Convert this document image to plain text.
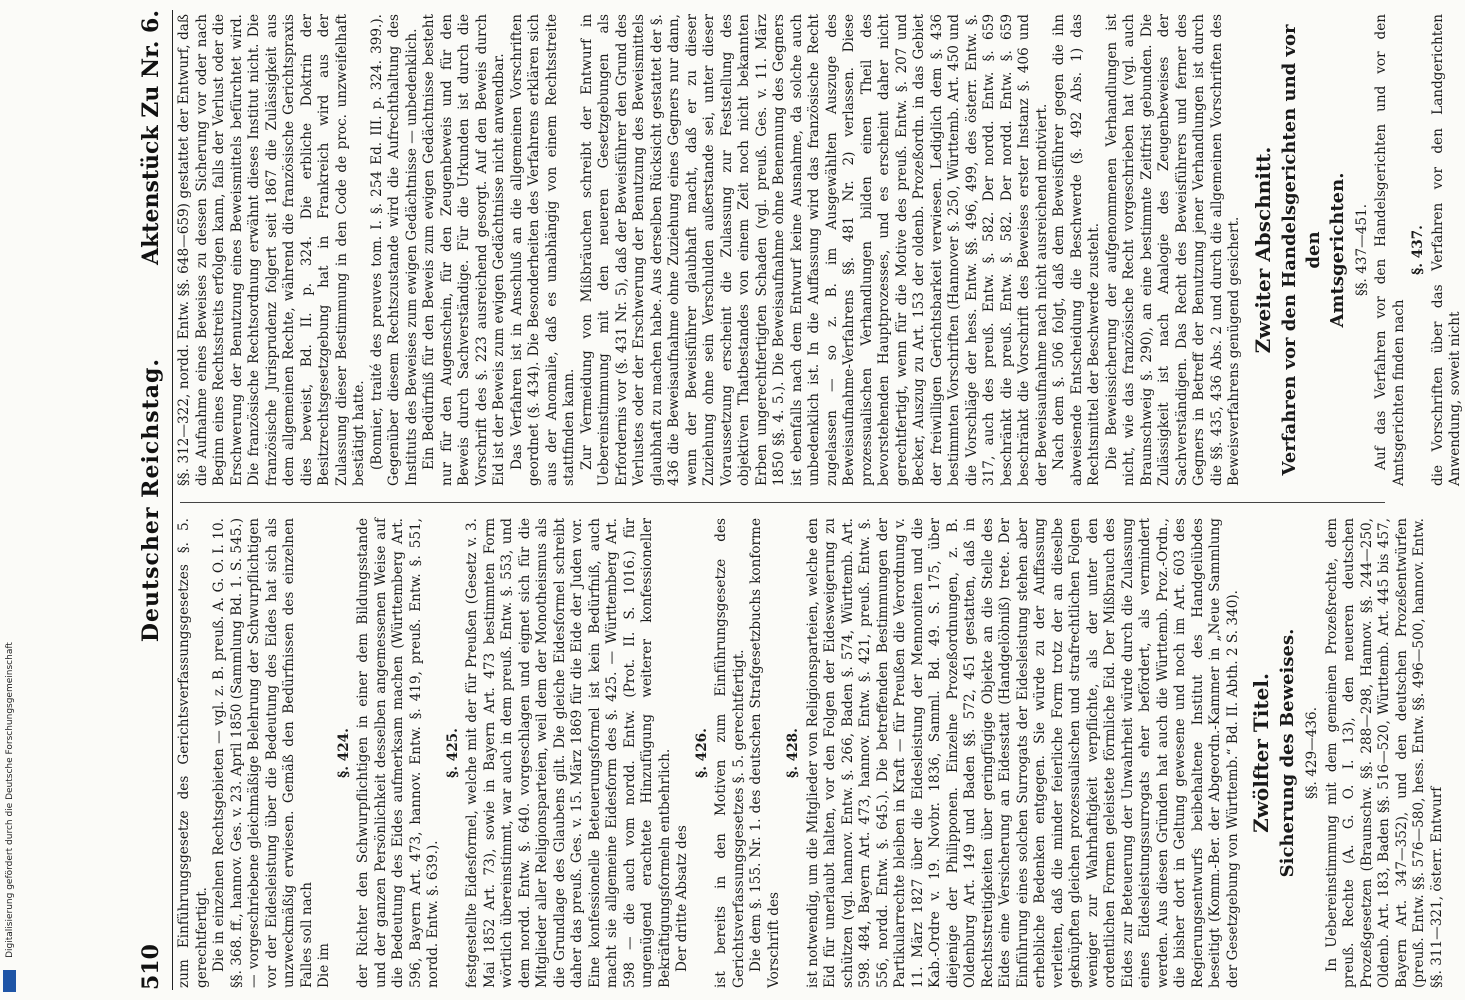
510
Deutscher Reichstag.
Aktenstück Zu Nr. 6.

zum Einführungsgesetze des Gerichtsverfassungsgesetzes §. 5. gerechtfertigt. Die in einzelnen Rechtsgebieten — vgl. z. B. preuß. A. G. O. I. 10. §§. 368. ff., hannov. Ges. v. 23. April 1850 (Sammlung Bd. 1. S. 545.) — vorgeschriebene gleichmäßige Belehrung der Schwurpflichtigen vor der Eidesleistung über die Bedeutung des Eides hat sich als unzweckmäßig erwiesen. Gemäß den Bedürfnissen des einzelnen Falles soll nach Die im

§. 424. der Richter den Schwurpflichtigen in einer dem Bildungsstande und der ganzen Persönlichkeit desselben angemessenen Weise auf die Bedeutung des Eides aufmerksam machen (Württemberg Art. 596, Bayern Art. 473, hannov. Entw. §. 419, preuß. Entw. §. 551, nordd. Entw. §. 639.).

§. 425. festgestellte Eidesformel, welche mit der für Preußen (Gesetz v. 3. Mai 1852 Art. 73), sowie in Bayern Art. 473 bestimmten Form wörtlich übereinstimmt, war auch in dem preuß. Entw. §. 553, und dem nordd. Entw. §. 640. vorgeschlagen und eignet sich für die Mitglieder aller Religionsparteien, weil dem der Monotheismus als die Grundlage des Glaubens gilt. Die gleiche Eidesformel schreibt daher das preuß. Ges. v. 15. März 1869 für die Eide der Juden vor. Eine konfessionelle Beteuerungsformel ist kein Bedürfniß, auch macht sie allgemeine Eidesform des §. 425. — Württemberg Art. 598 — die auch vom nordd. Entw. (Prot. II. S. 1016.) für ungenügend erachtete Hinzufügung weiterer konfessioneller Bekräftigungsformeln entbehrlich. Der dritte Absatz des

§. 426. ist bereits in den Motiven zum Einführungsgesetze des Gerichtsverfassungsgesetzes §. 5. gerechtfertigt. Die dem §. 155. Nr. 1. des deutschen Strafgesetzbuchs konforme Vorschrift des

§. 428. ist notwendig, um die Mitglieder von Religionsparteien, welche den Eid für unerlaubt halten, vor den Folgen der Eidesweigerung zu schützen (vgl. hannov. Entw. §. 266, Baden §. 574, Württemb. Art. 598. 484, Bayern Art. 473, hannov. Entw. §. 421, preuß. Entw. §. 556, nordd. Entw. §. 645.). Die betreffenden Bestimmungen der Partikularrechte bleiben in Kraft — für Preußen die Verordnung v. 11. März 1827 über die Eidesleistung der Mennoniten und die Kab.-Ordre v. 19. Novbr. 1836, Samml. Bd. 49. S. 175, über diejenige der Philipponen. Einzelne Prozeßordnungen, z. B. Oldenburg Art. 149 und Baden §§. 572, 451 gestatten, daß in Rechtsstreitigkeiten über geringfügige Objekte an die Stelle des Eides eine Versicherung an Eidesstatt (Handgelöbniß) trete. Der Einführung eines solchen Surrogats der Eidesleistung stehen aber erhebliche Bedenken entgegen. Sie würde zu der Auffassung verleiten, daß die minder feierliche Form trotz der an dieselbe geknüpften gleichen prozessualischen und strafrechtlichen Folgen weniger zur Wahrhaftigkeit verpflichte, als der unter den ordentlichen Formen geleistete förmliche Eid. Der Mißbrauch des Eides zur Beteuerung der Unwahrheit würde durch die Zulassung eines Eidesleistungssurrogats eher befördert, als vermindert werden. Aus diesen Gründen hat auch die Württemb. Proz.-Ordn., die bisher dort in Geltung gewesene und noch im Art. 603 des Regierungsentwurfs beibehaltene Institut des Handgelübdes beseitigt (Komm.-Ber. der Abgeordn.-Kammer in „Neue Sammlung der Gesetzgebung von Württemb.“ Bd. II. Abth. 2 S. 340). Zwölfter Titel. Sicherung des Beweises. §§. 429—436. In Uebereinstimmung mit dem gemeinen Prozeßrechte, dem preuß. Rechte (A. G. O. I. 13), den neueren deutschen Prozeßgesetzen (Braunschw. §§. 288—298, Hannov. §§. 244—250, Oldenb. Art. 183, Baden §§. 516—520, Württemb. Art. 445 bis 457, Bayern Art. 347—352), und den deutschen Prozeßentwürfen (preuß. Entw. §§. 576—580, hess. Entw. §§. 496—500, hannov. Entw. §§. 311—321, österr. Entwurf

§§. 312—322, nordd. Entw. §§. 648—659) gestattet der Entwurf, daß die Aufnahme eines Beweises zu dessen Sicherung vor oder nach Beginn eines Rechtsstreits erfolgen kann, falls der Verlust oder die Erschwerung der Benutzung eines Beweismittels befürchtet wird. Die französische Rechtsordnung erwähnt dieses Institut nicht. Die französische Jurisprudenz folgert seit 1867 die Zulässigkeit aus dem allgemeinen Rechte, während die französische Gerichtspraxis dies beweist, Bd. II. p. 324. Die erbliche Doktrin der Besitzrechtsgesetzgebung hat in Frankreich wird aus der Zulassung dieser Bestimmung in den Code de proc. unzweifelhaft bestätigt hatte. (Bonnier, traité des preuves tom. I. §. 254 Ed. III. p. 324. 399.). Gegenüber diesem Rechtszustande wird die Aufrechthaltung des Instituts des Beweises zum ewigen Gedächtnisse — unbedenklich. Ein Bedürfniß für den Beweis zum ewigen Gedächtnisse besteht nur für den Augenschein, für den Zeugenbeweis und für den Beweis durch Sachverständige. Für die Urkunden ist durch die Vorschrift des §. 223 ausreichend gesorgt. Auf den Beweis durch Eid ist der Beweis zum ewigen Gedächtnisse nicht anwendbar. Das Verfahren ist in Anschluß an die allgemeinen Vorschriften geordnet (§. 434). Die Besonderheiten des Verfahrens erklären sich aus der Anomalie, daß es unabhängig von einem Rechtsstreite stattfinden kann. Zur Vermeidung von Mißbräuchen schreibt der Entwurf in Uebereinstimmung mit den neueren Gesetzgebungen als Erfordernis vor (§. 431 Nr. 5), daß der Beweisführer den Grund des Verlustes oder der Erschwerung der Benutzung des Beweismittels glaubhaft zu machen habe. Aus derselben Rücksicht gestattet der §. 436 die Beweisaufnahme ohne Zuziehung eines Gegners nur dann, wenn der Beweisführer glaubhaft macht, daß er zu dieser Zuziehung ohne sein Verschulden außerstande sei, unter dieser Voraussetzung erscheint die Zulassung zur Feststellung des objektiven Thatbestandes von einem Zeit noch nicht bekannten Erben ungerechtfertigten Schaden (vgl. preuß. Ges. v. 11. März 1850 §§. 4. 5.). Die Beweisaufnahme ohne Benennung des Gegners ist ebenfalls nach dem Entwurf keine Ausnahme, da solche auch unbedenklich ist. In die Auffassung wird das französische Recht zugelassen — so z. B. im Ausgewählten Auszuge des Beweisaufnahme-Verfahrens §§. 481 Nr. 2) verlassen. Diese prozessualischen Verhandlungen bilden einen Theil des bevorstehenden Hauptprozesses, und es erscheint daher nicht gerechtfertigt, wenn für die Motive des preuß. Entw. §. 207 und Becker, Auszug zu Art. 153 der oldenb. Prozeßordn. in das Gebiet der freiwilligen Gerichtsbarkeit verwiesen. Lediglich dem §. 436 bestimmten Vorschriften (Hannover §. 250, Württemb. Art. 450 und die Vorschläge der hess. Entw. §§. 496, 499, des österr. Entw. §. 317, auch des preuß. Entw. §. 582. Der nordd. Entw. §. 659 beschränkt die preuß. Entw. §. 582. Der nordd. Entw. §. 659 beschränkt die Vorschrift des Beweises erster Instanz §. 406 und der Beweisaufnahme nach nicht ausreichend motiviert. Nach dem §. 506 folgt, daß dem Beweisführer gegen die ihn abweisende Entscheidung die Beschwerde (§. 492 Abs. 1) das Rechtsmittel der Beschwerde zusteht. Die Beweissicherung der aufgenommenen Verhandlungen ist nicht, wie das französische Recht vorgeschrieben hat (vgl. auch Braunschweig §. 290), an eine bestimmte Zeitfrist gebunden. Die Zulässigkeit ist nach Analogie des Zeugenbeweises der Sachverständigen. Das Recht des Beweisführers und ferner des Gegners in Betreff der Benutzung jener Verhandlungen ist durch die §§. 435, 436 Abs. 2 und durch die allgemeinen Vorschriften des Beweisverfahrens genügend gesichert. Zweiter Abschnitt. Verfahren vor den Handelsgerichten und vor den Amtsgerichten. §§. 437—451. Auf das Verfahren vor den Handelsgerichten und vor den Amtsgerichten finden nach

§. 437. die Vorschriften über das Verfahren vor den Landgerichten Anwendung, soweit nicht

Digitalisierung gefördert durch die Deutsche Forschungsgemeinschaft
